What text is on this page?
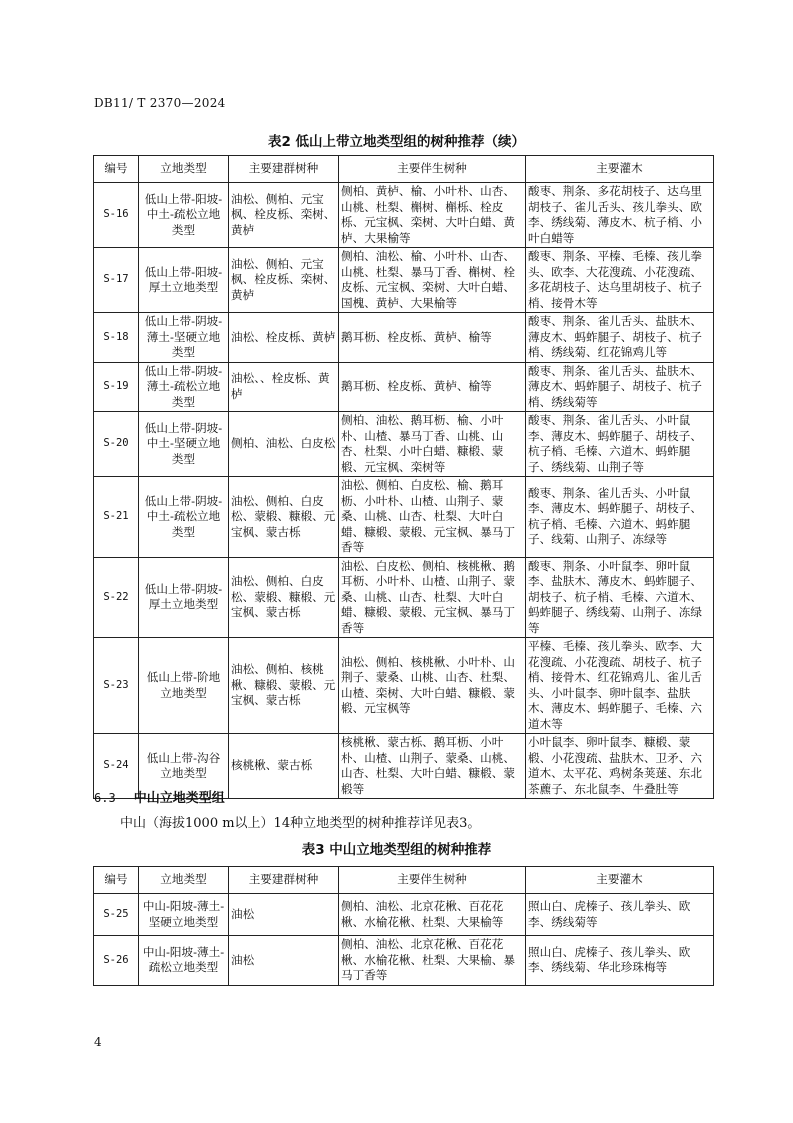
DB11/ T 2370—2024
表2 低山上带立地类型组的树种推荐（续）
编号	立地类型	主要建群树种	主要伴生树种	主要灌木
S-16	低山上带-阳坡-中土-疏松立地类型	油松、侧柏、元宝枫、栓皮栎、栾树、黄栌	侧柏、黄栌、榆、小叶朴、山杏、山桃、杜梨、槲树、槲栎、栓皮栎、元宝枫、栾树、大叶白蜡、黄栌、大果榆等	酸枣、荆条、多花胡枝子、达乌里胡枝子、雀儿舌头、孩儿拳头、欧李、绣线菊、薄皮木、杭子梢、小叶白蜡等
S-17	低山上带-阳坡-厚土立地类型	油松、侧柏、元宝枫、栓皮栎、栾树、黄栌	侧柏、油松、榆、小叶朴、山杏、山桃、杜梨、暴马丁香、槲树、栓皮栎、元宝枫、栾树、大叶白蜡、国槐、黄栌、大果榆等	酸枣、荆条、平榛、毛榛、孩儿拳头、欧李、大花溲疏、小花溲疏、多花胡枝子、达乌里胡枝子、杭子梢、接骨木等
S-18	低山上带-阴坡-薄土-坚硬立地类型	油松、栓皮栎、黄栌	鹅耳枥、栓皮栎、黄栌、榆等	酸枣、荆条、雀儿舌头、盐肤木、薄皮木、蚂蚱腿子、胡枝子、杭子梢、绣线菊、红花锦鸡儿等
S-19	低山上带-阴坡-薄土-疏松立地类型	油松、、栓皮栎、黄栌	鹅耳枥、栓皮栎、黄栌、榆等	酸枣、荆条、雀儿舌头、盐肤木、薄皮木、蚂蚱腿子、胡枝子、杭子梢、绣线菊等
S-20	低山上带-阴坡-中土-坚硬立地类型	侧柏、油松、白皮松	侧柏、油松、鹅耳枥、榆、小叶朴、山楂、暴马丁香、山桃、山杏、杜梨、小叶白蜡、糠椴、蒙椴、元宝枫、栾树等	酸枣、荆条、雀儿舌头、小叶鼠李、薄皮木、蚂蚱腿子、胡枝子、杭子梢、毛榛、六道木、蚂蚱腿子、绣线菊、山荆子等
S-21	低山上带-阴坡-中土-疏松立地类型	油松、侧柏、白皮松、蒙椴、糠椴、元宝枫、蒙古栎	油松、侧柏、白皮松、榆、鹅耳枥、小叶朴、山楂、山荆子、蒙桑、山桃、山杏、杜梨、大叶白蜡、糠椴、蒙椴、元宝枫、暴马丁香等	酸枣、荆条、雀儿舌头、小叶鼠李、薄皮木、蚂蚱腿子、胡枝子、杭子梢、毛榛、六道木、蚂蚱腿子、线菊、山荆子、冻绿等
S-22	低山上带-阴坡-厚土立地类型	油松、侧柏、白皮松、蒙椴、糠椴、元宝枫、蒙古栎	油松、白皮松、侧柏、核桃楸、鹅耳枥、小叶朴、山楂、山荆子、蒙桑、山桃、山杏、杜梨、大叶白蜡、糠椴、蒙椴、元宝枫、暴马丁香等	酸枣、荆条、小叶鼠李、卵叶鼠李、盐肤木、薄皮木、蚂蚱腿子、胡枝子、杭子梢、毛榛、六道木、蚂蚱腿子、绣线菊、山荆子、冻绿等
S-23	低山上带-阶地立地类型	油松、侧柏、核桃楸、糠椴、蒙椴、元宝枫、蒙古栎	油松、侧柏、核桃楸、小叶朴、山荆子、蒙桑、山桃、山杏、杜梨、山楂、栾树、大叶白蜡、糠椴、蒙椴、元宝枫等	平榛、毛榛、孩儿拳头、欧李、大花溲疏、小花溲疏、胡枝子、杭子梢、接骨木、红花锦鸡儿、雀儿舌头、小叶鼠李、卵叶鼠李、盐肤木、薄皮木、蚂蚱腿子、毛榛、六道木等
S-24	低山上带-沟谷立地类型	核桃楸、蒙古栎	核桃楸、蒙古栎、鹅耳枥、小叶朴、山楂、山荆子、蒙桑、山桃、山杏、杜梨、大叶白蜡、糠椴、蒙椴等	小叶鼠李、卵叶鼠李、糠椴、蒙椴、小花溲疏、盐肤木、卫矛、六道木、太平花、鸡树条荚蒾、东北茶藨子、东北鼠李、牛叠肚等
6.3 中山立地类型组
中山（海拔1000 m以上）14种立地类型的树种推荐详见表3。
表3 中山立地类型组的树种推荐
编号	立地类型	主要建群树种	主要伴生树种	主要灌木
S-25	中山-阳坡-薄土-坚硬立地类型	油松	侧柏、油松、北京花楸、百花花楸、水榆花楸、杜梨、大果榆等	照山白、虎榛子、孩儿拳头、欧李、绣线菊等
S-26	中山-阳坡-薄土-疏松立地类型	油松	侧柏、油松、北京花楸、百花花楸、水榆花楸、杜梨、大果榆、暴马丁香等	照山白、虎榛子、孩儿拳头、欧李、绣线菊、华北珍珠梅等
4
